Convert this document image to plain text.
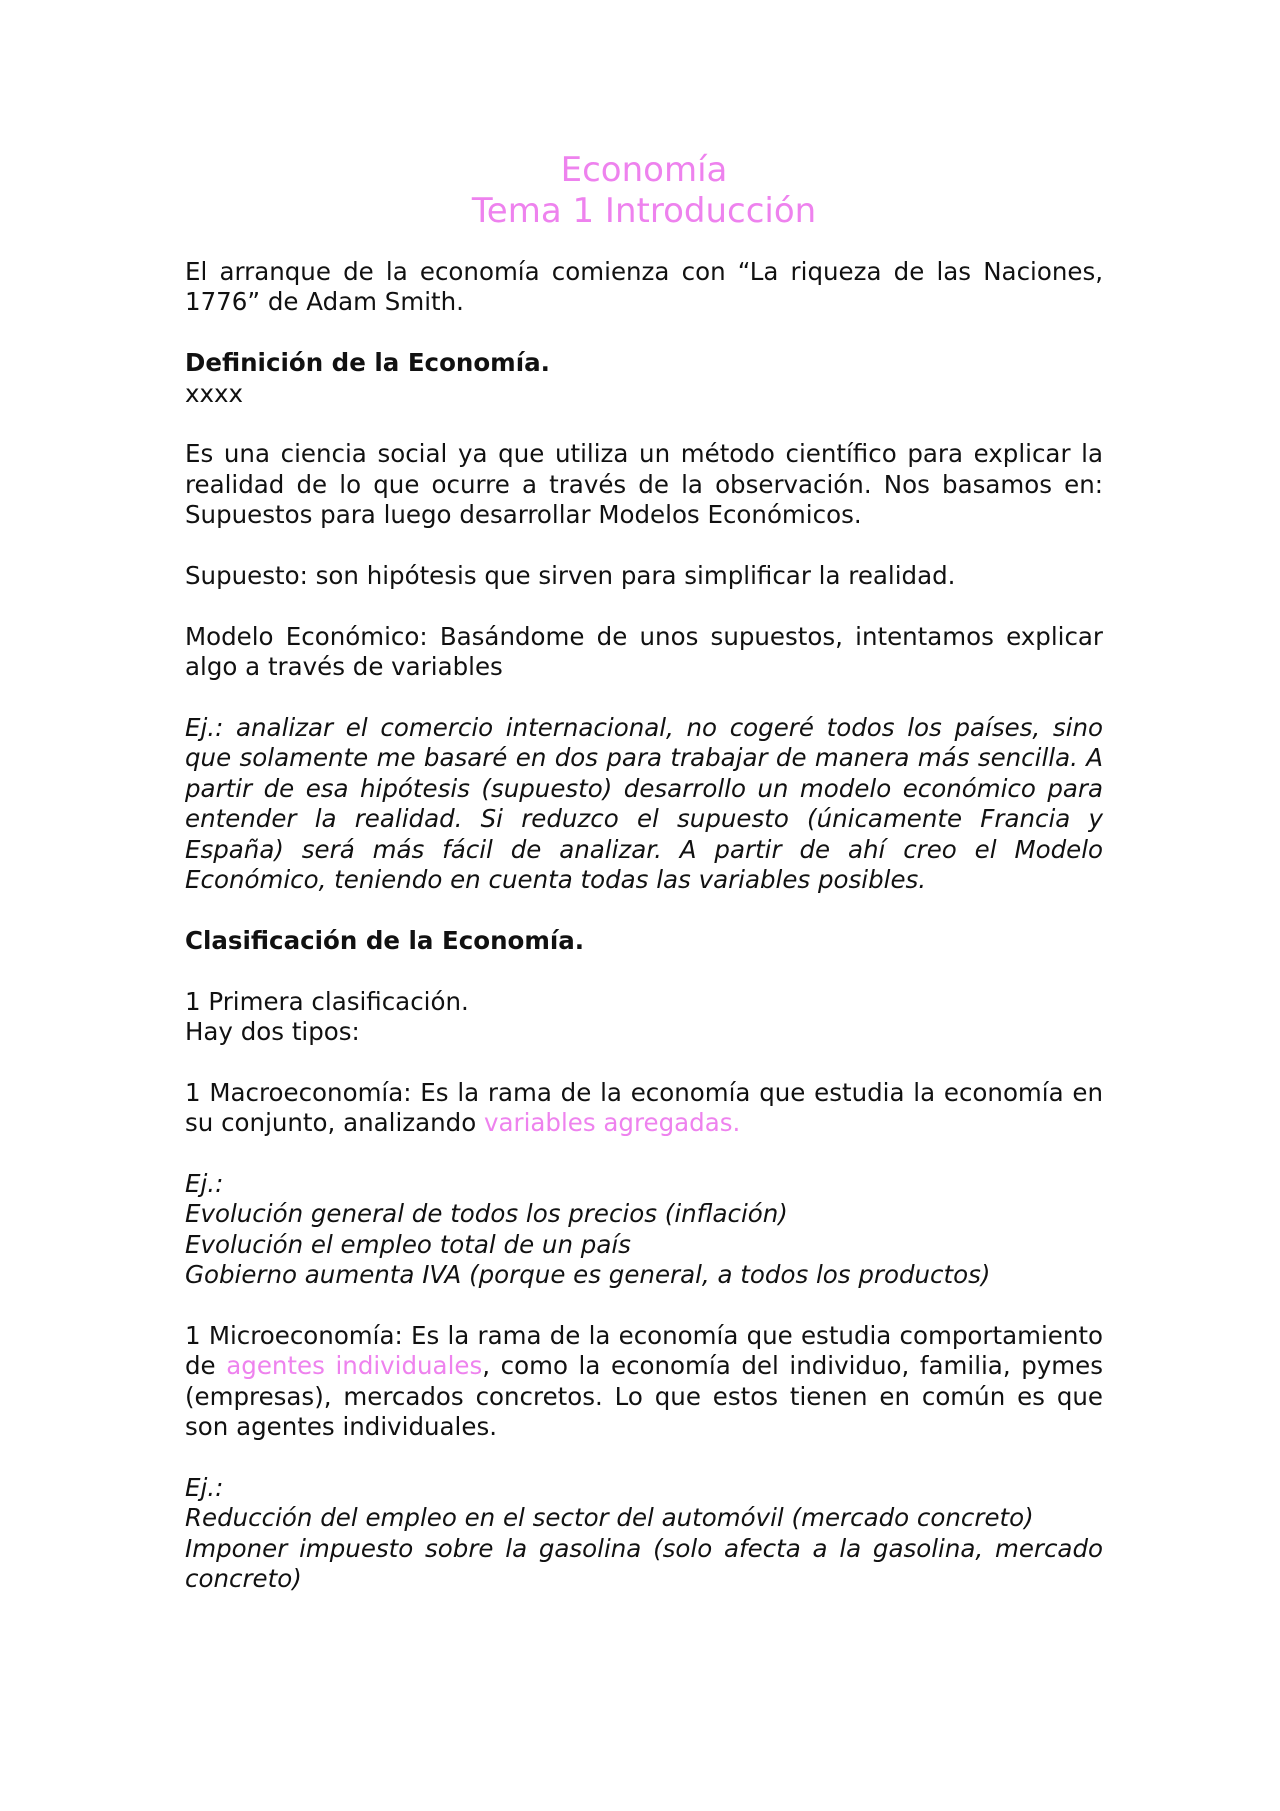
Economía
Tema 1 Introducción

El arranque de la economía comienza con “La riqueza de las Naciones, 1776” de Adam Smith.

Definición de la Economía.

xxxx

Es una ciencia social ya que utiliza un método científico para explicar la realidad de lo que ocurre a través de la observación. Nos basamos en: Supuestos para luego desarrollar Modelos Económicos.

Supuesto: son hipótesis que sirven para simplificar la realidad.

Modelo Económico: Basándome de unos supuestos, intentamos explicar algo a través de variables

Ej.: analizar el comercio internacional, no cogeré todos los países, sino que solamente me basaré en dos para trabajar de manera más sencilla. A partir de esa hipótesis (supuesto) desarrollo un modelo económico para entender la realidad. Si reduzco el supuesto (únicamente Francia y España) será más fácil de analizar. A partir de ahí creo el Modelo Económico, teniendo en cuenta todas las variables posibles.

Clasificación de la Economía.

1 Primera clasificación.

Hay dos tipos:

1 Macroeconomía: Es la rama de la economía que estudia la economía en su conjunto, analizando variables agregadas.

Ej.:
Evolución general de todos los precios (inflación)
Evolución el empleo total de un país
Gobierno aumenta IVA (porque es general, a todos los productos)

1 Microeconomía: Es la rama de la economía que estudia comportamiento de agentes individuales, como la economía del individuo, familia, pymes (empresas), mercados concretos. Lo que estos tienen en común es que son agentes individuales.

Ej.:
Reducción del empleo en el sector del automóvil (mercado concreto)
Imponer impuesto sobre la gasolina (solo afecta a la gasolina, mercado concreto)
